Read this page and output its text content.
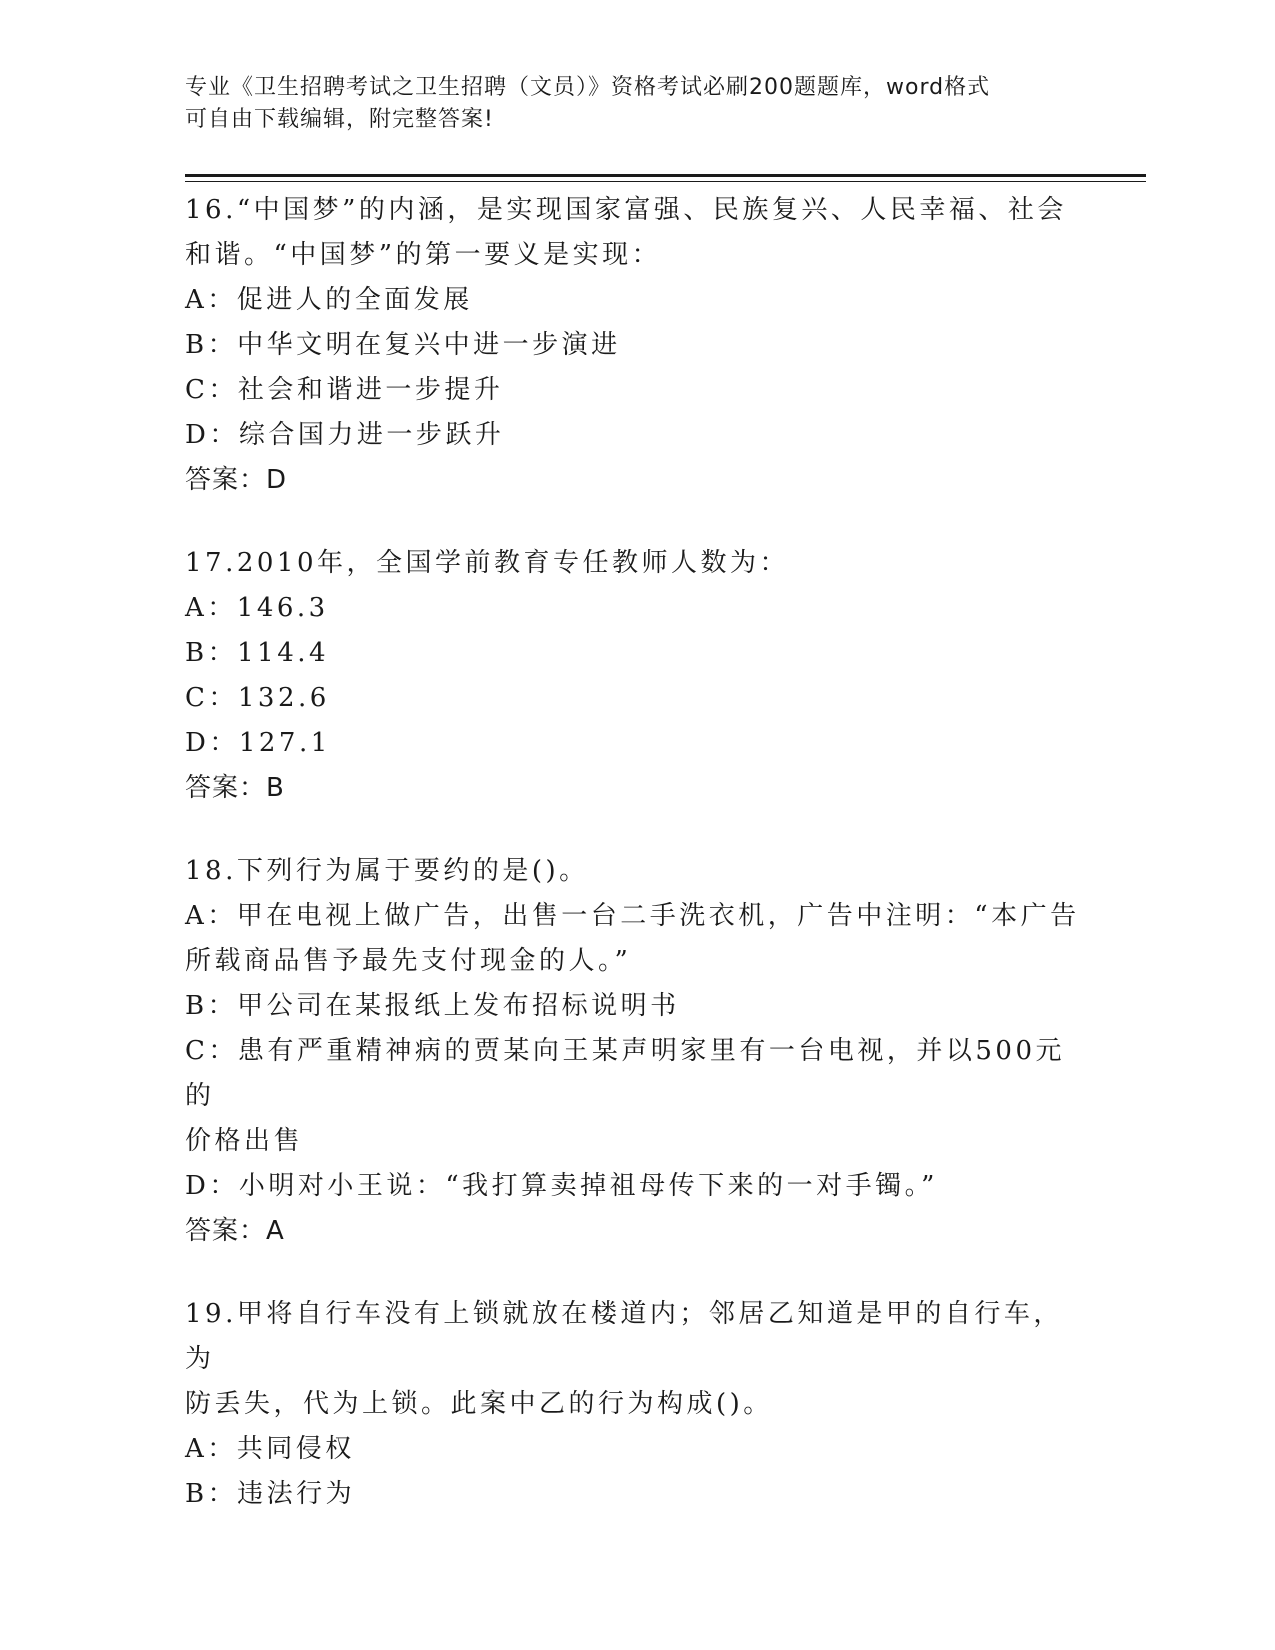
专业《卫生招聘考试之卫生招聘（文员）》资格考试必刷200题题库，word格式
可自由下载编辑，附完整答案!
16.“中国梦”的内涵，是实现国家富强、民族复兴、人民幸福、社会
和谐。“中国梦”的第一要义是实现：
A：促进人的全面发展
B：中华文明在复兴中进一步演进
C：社会和谐进一步提升
D：综合国力进一步跃升
答案：D
17.2010年，全国学前教育专任教师人数为：
A：146.3
B：114.4
C：132.6
D：127.1
答案：B
18.下列行为属于要约的是()。
A：甲在电视上做广告，出售一台二手洗衣机，广告中注明：“本广告
所载商品售予最先支付现金的人。”
B：甲公司在某报纸上发布招标说明书
C：患有严重精神病的贾某向王某声明家里有一台电视，并以500元的
价格出售
D：小明对小王说：“我打算卖掉祖母传下来的一对手镯。”
答案：A
19.甲将自行车没有上锁就放在楼道内；邻居乙知道是甲的自行车，为
防丢失，代为上锁。此案中乙的行为构成()。
A：共同侵权
B：违法行为
